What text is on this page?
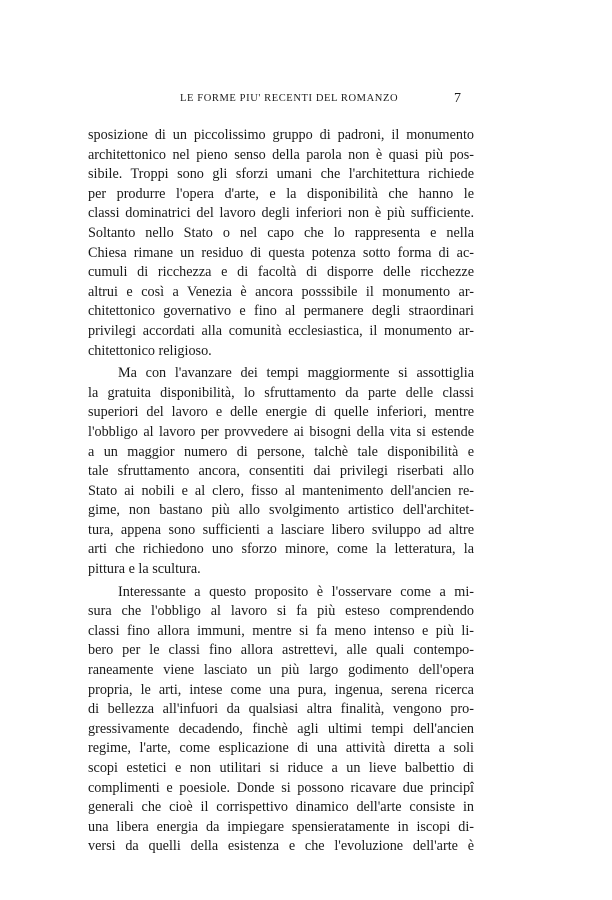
LE FORME PIU' RECENTI DEL ROMANZO	7
sposizione di un piccolissimo gruppo di padroni, il monumento
architettonico nel pieno senso della parola non è quasi più pos-
sibile. Troppi sono gli sforzi umani che l'architettura richiede
per produrre l'opera d'arte, e la disponibilità che hanno le
classi dominatrici del lavoro degli inferiori non è più sufficiente.
Soltanto nello Stato o nel capo che lo rappresenta e nella
Chiesa rimane un residuo di questa potenza sotto forma di ac-
cumuli di ricchezza e di facoltà di disporre delle ricchezze
altrui e così a Venezia è ancora posssibile il monumento ar-
chitettonico governativo e fino al permanere degli straordinari
privilegi accordati alla comunità ecclesiastica, il monumento ar-
chitettonico religioso.
Ma con l'avanzare dei tempi maggiormente si assottiglia
la gratuita disponibilità, lo sfruttamento da parte delle classi
superiori del lavoro e delle energie di quelle inferiori, mentre
l'obbligo al lavoro per provvedere ai bisogni della vita si estende
a un maggior numero di persone, talchè tale disponibilità e
tale sfruttamento ancora, consentiti dai privilegi riserbati allo
Stato ai nobili e al clero, fisso al mantenimento dell'ancien re-
gime, non bastano più allo svolgimento artistico dell'architet-
tura, appena sono sufficienti a lasciare libero sviluppo ad altre
arti che richiedono uno sforzo minore, come la letteratura, la
pittura e la scultura.
Interessante a questo proposito è l'osservare come a mi-
sura che l'obbligo al lavoro si fa più esteso comprendendo
classi fino allora immuni, mentre si fa meno intenso e più li-
bero per le classi fino allora astrettevi, alle quali contempo-
raneamente viene lasciato un più largo godimento dell'opera
propria, le arti, intese come una pura, ingenua, serena ricerca
di bellezza all'infuori da qualsiasi altra finalità, vengono pro-
gressivamente decadendo, finchè agli ultimi tempi dell'ancien
regime, l'arte, come esplicazione di una attività diretta a soli
scopi estetici e non utilitari si riduce a un lieve balbettio di
complimenti e poesiole. Donde si possono ricavare due principî
generali che cioè il corrispettivo dinamico dell'arte consiste in
una libera energia da impiegare spensieratamente in iscopi di-
versi da quelli della esistenza e che l'evoluzione dell'arte è
